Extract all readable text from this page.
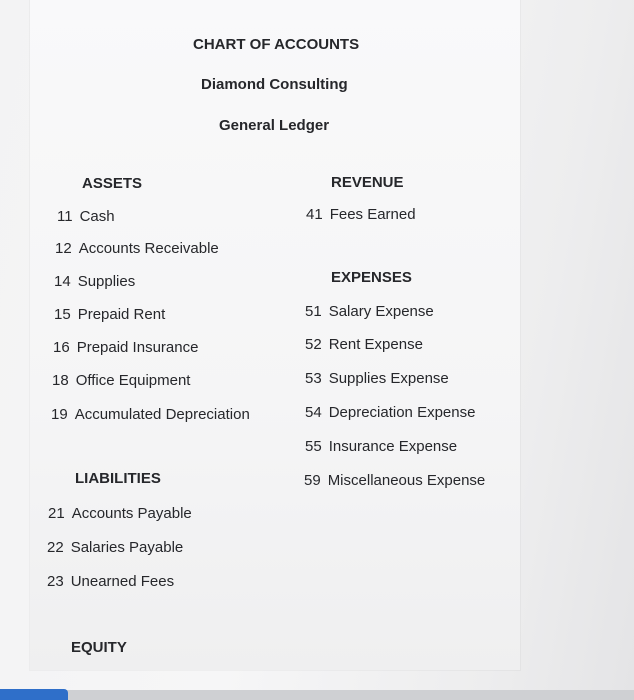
CHART OF ACCOUNTS
Diamond Consulting
General Ledger
ASSETS
11 Cash
12 Accounts Receivable
14 Supplies
15 Prepaid Rent
16 Prepaid Insurance
18 Office Equipment
19 Accumulated Depreciation
LIABILITIES
21 Accounts Payable
22 Salaries Payable
23 Unearned Fees
EQUITY
REVENUE
41 Fees Earned
EXPENSES
51 Salary Expense
52 Rent Expense
53 Supplies Expense
54 Depreciation Expense
55 Insurance Expense
59 Miscellaneous Expense
